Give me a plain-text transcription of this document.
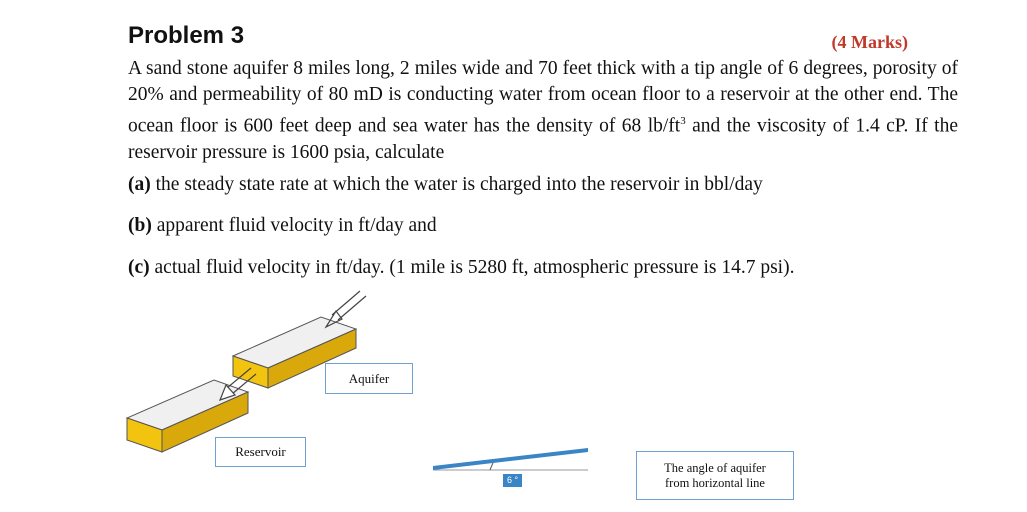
Problem 3	(4 Marks)
A sand stone aquifer 8 miles long, 2 miles wide and 70 feet thick with a tip angle of 6 degrees, porosity of 20% and permeability of 80 mD is conducting water from ocean floor to a reservoir at the other end. The ocean floor is 600 feet deep and sea water has the density of 68 $lb/ft^3$ and the viscosity of 1.4 cP. If the reservoir pressure is 1600 psia, calculate
(a) the steady state rate at which the water is charged into the reservoir in bbl/day
(b) apparent fluid velocity in ft/day and
(c) actual fluid velocity in ft/day. (1 mile is 5280 ft, atmospheric pressure is 14.7 psi).
Aquifer
Reservoir
6 °
The angle of aquifer
from horizontal line
